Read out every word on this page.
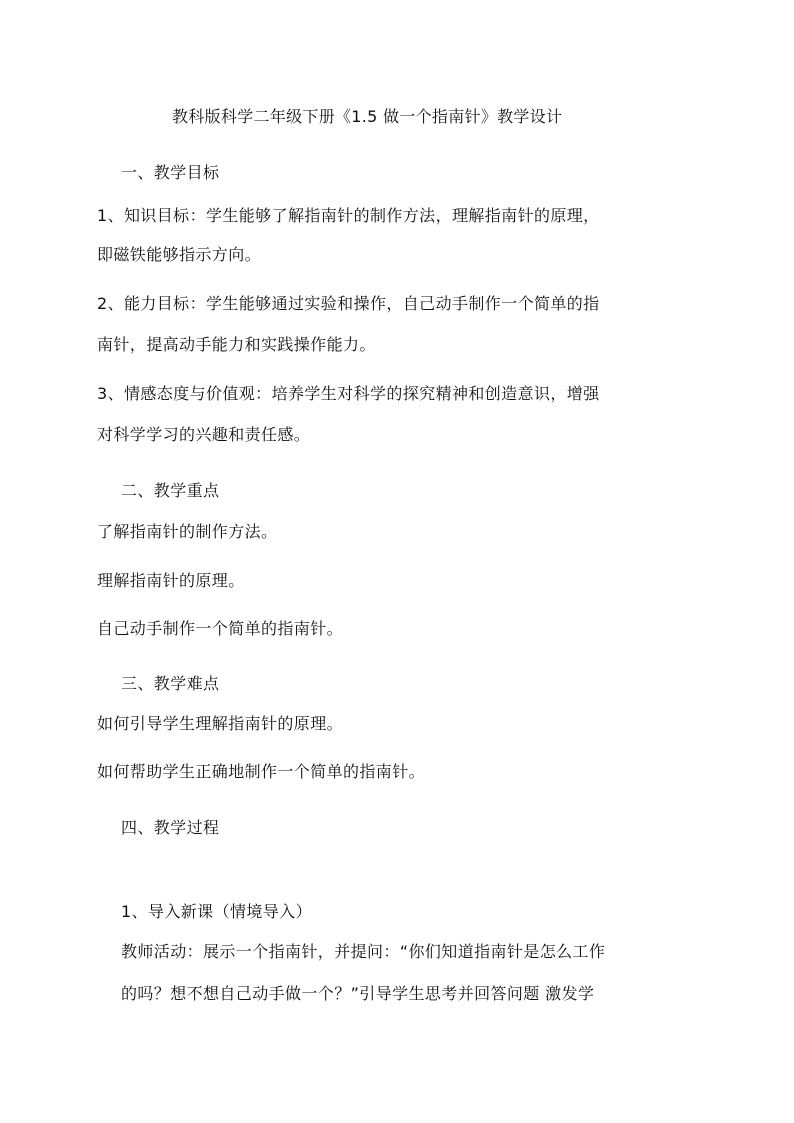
教科版科学二年级下册《1.5 做一个指南针》教学设计
一、教学目标
1、知识目标：学生能够了解指南针的制作方法，理解指南针的原理，
即磁铁能够指示方向。
2、能力目标：学生能够通过实验和操作，自己动手制作一个简单的指
南针，提高动手能力和实践操作能力。
3、情感态度与价值观：培养学生对科学的探究精神和创造意识，增强
对科学学习的兴趣和责任感。
二、教学重点
了解指南针的制作方法。
理解指南针的原理。
自己动手制作一个简单的指南针。
三、教学难点
如何引导学生理解指南针的原理。
如何帮助学生正确地制作一个简单的指南针。
四、教学过程
1、导入新课（情境导入）
教师活动：展示一个指南针，并提问：“你们知道指南针是怎么工作
的吗？想不想自己动手做一个？”引导学生思考并回答问题 激发学
